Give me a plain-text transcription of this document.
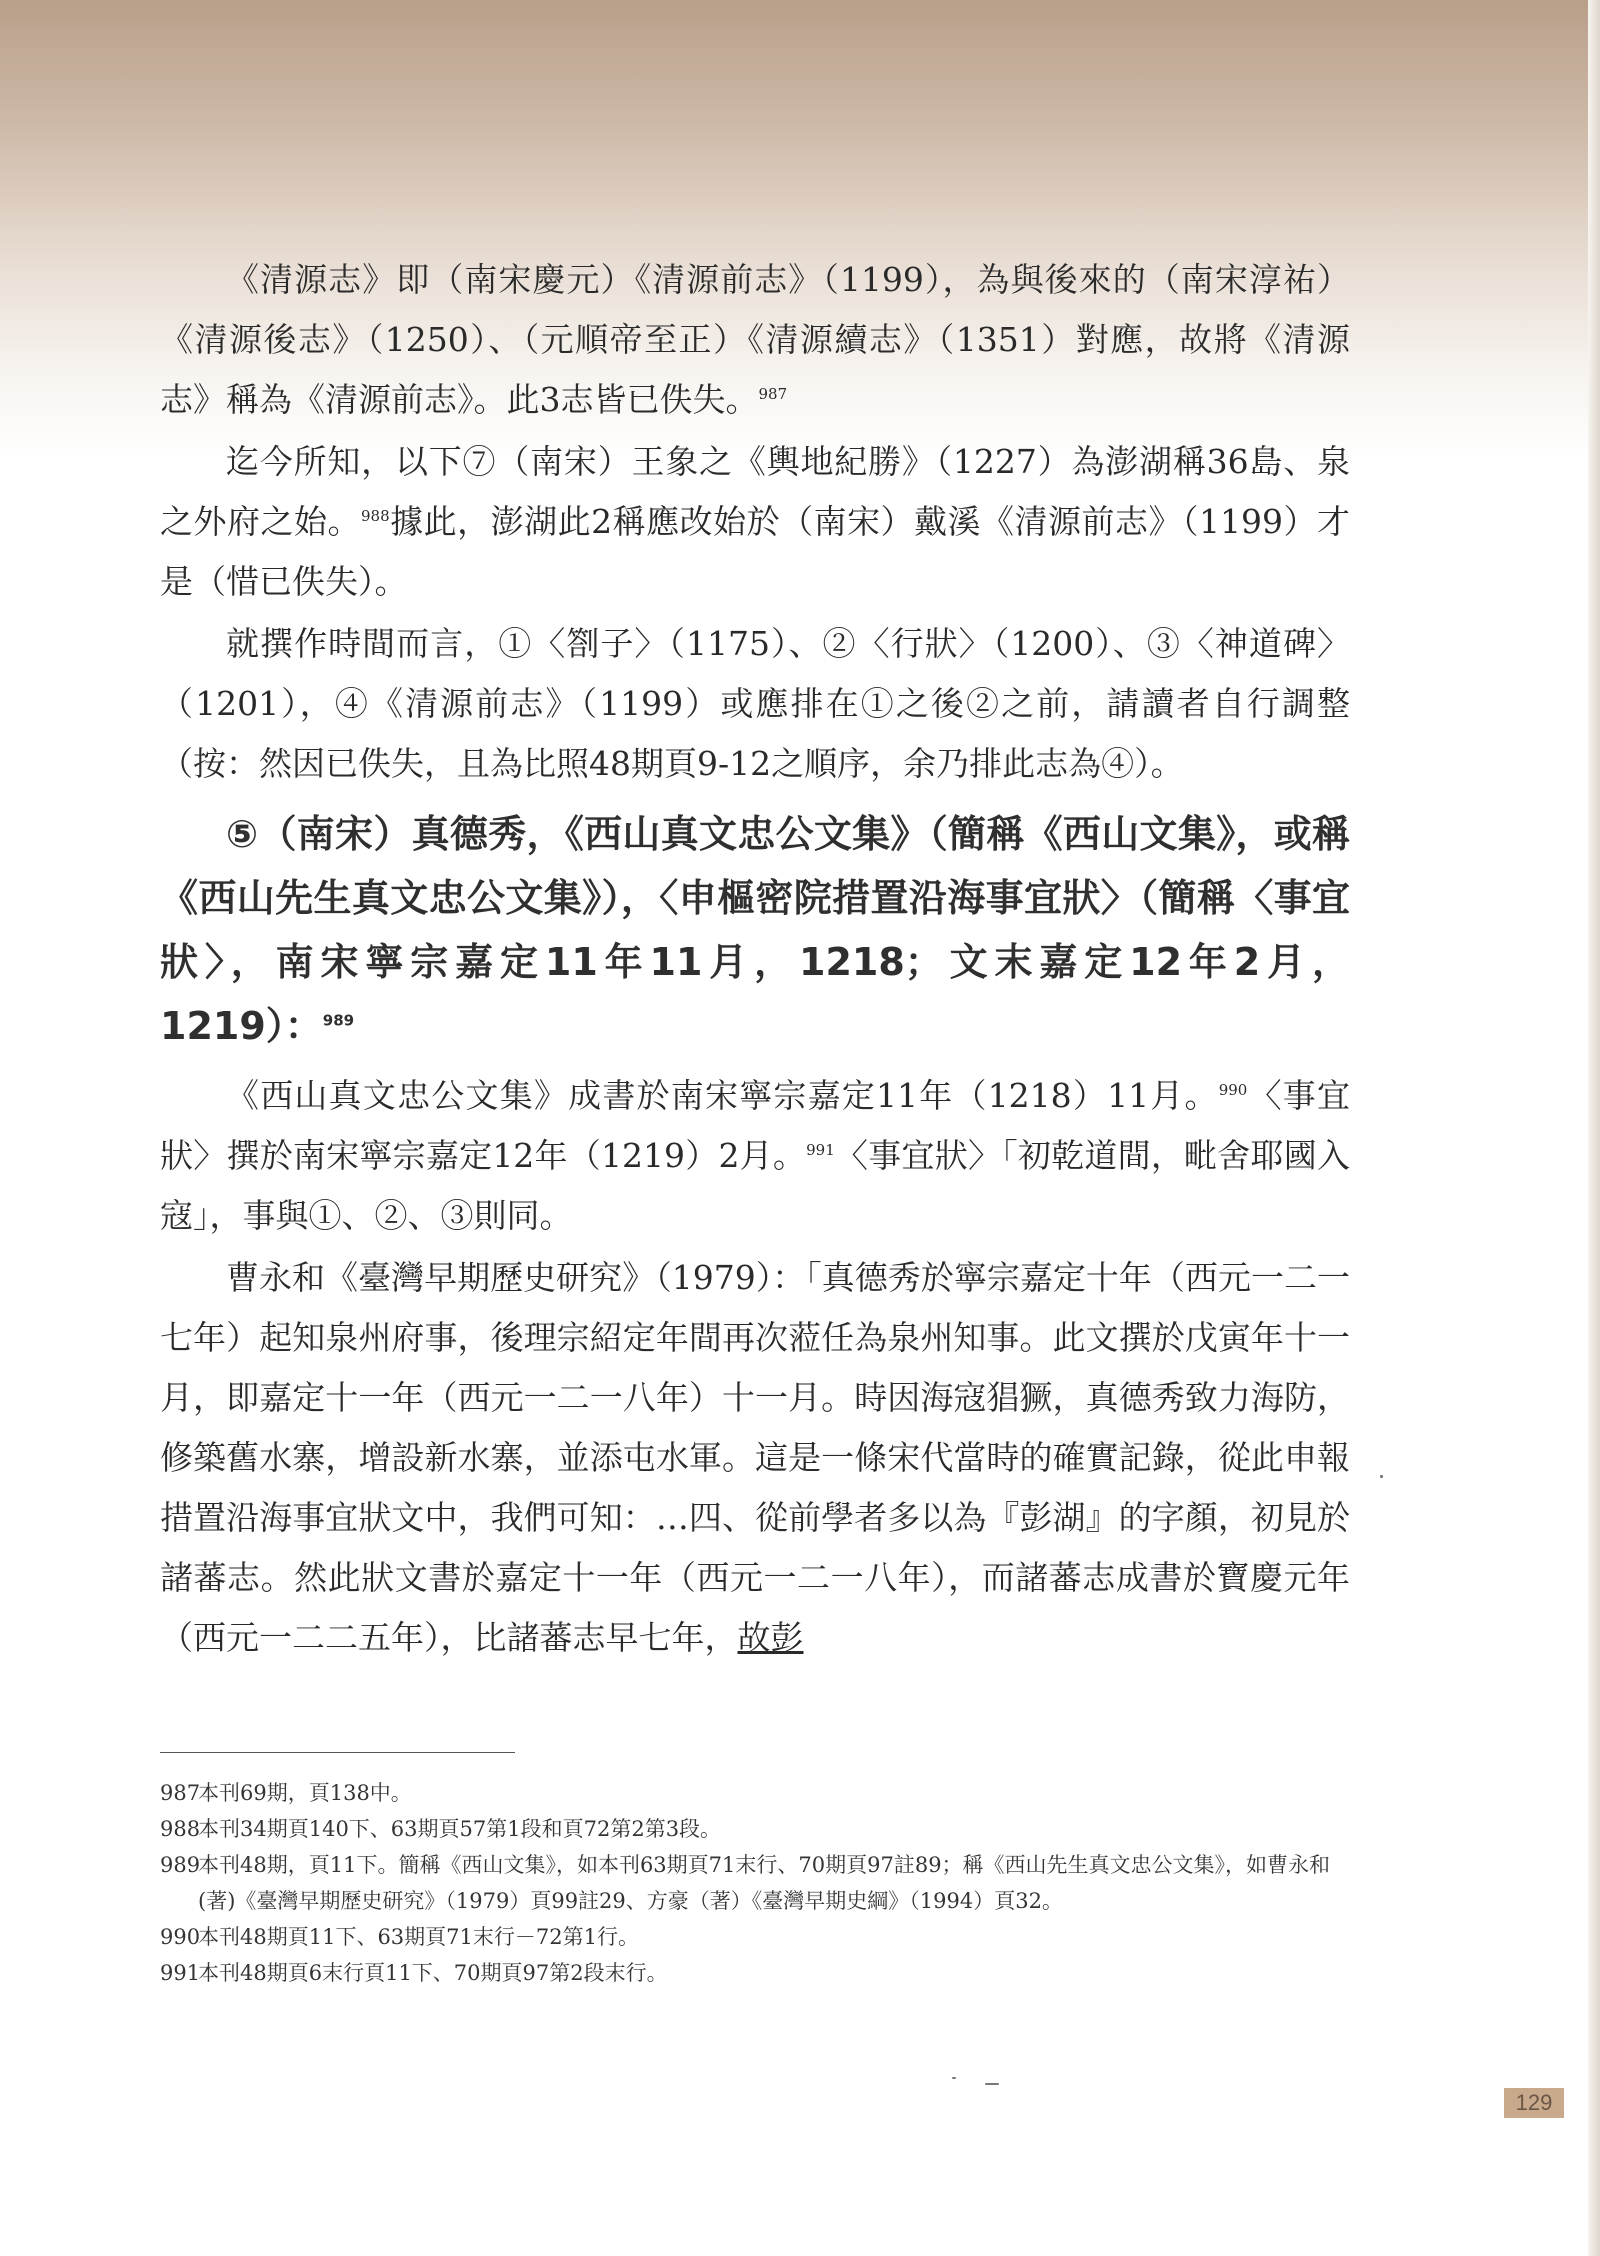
《清源志》即（南宋慶元）《清源前志》（1199），為與後來的（南宋淳祐）《清源後志》（1250）、（元順帝至正）《清源續志》（1351）對應，故將《清源志》稱為《清源前志》。此3志皆已佚失。$^{987}$

迄今所知，以下⑦（南宋）王象之《輿地紀勝》（1227）為澎湖稱36島、泉之外府之始。$^{988}$據此，澎湖此2稱應改始於（南宋）戴溪《清源前志》（1199）才是（惜已佚失）。

就撰作時間而言，①〈劄子〉（1175）、②〈行狀〉（1200）、③〈神道碑〉（1201），④《清源前志》（1199）或應排在①之後②之前，請讀者自行調整（按：然因已佚失，且為比照48期頁9-12之順序，余乃排此志為④）。

⑤（南宋）真德秀，《西山真文忠公文集》（簡稱《西山文集》，或稱《西山先生真文忠公文集》），〈申樞密院措置沿海事宜狀〉（簡稱〈事宜狀〉，南宋寧宗嘉定11年11月，1218；文末嘉定12年2月，1219）：$^{989}$

《西山真文忠公文集》成書於南宋寧宗嘉定11年（1218）11月。$^{990}$〈事宜狀〉撰於南宋寧宗嘉定12年（1219）2月。$^{991}$〈事宜狀〉「初乾道間，毗舍耶國入寇」，事與①、②、③則同。

曹永和《臺灣早期歷史研究》（1979）：「真德秀於寧宗嘉定十年（西元一二一七年）起知泉州府事，後理宗紹定年間再次蒞任為泉州知事。此文撰於戊寅年十一月，即嘉定十一年（西元一二一八年）十一月。時因海寇猖獗，真德秀致力海防，修築舊水寨，增設新水寨，並添屯水軍。這是一條宋代當時的確實記錄，從此申報措置沿海事宜狀文中，我們可知：…四、從前學者多以為『彭湖』的字顏，初見於諸蕃志。然此狀文書於嘉定十一年（西元一二一八年），而諸蕃志成書於寶慶元年（西元一二二五年），比諸蕃志早七年，故彭

987本刊69期，頁138中。

988本刊34期頁140下、63期頁57第1段和頁72第2第3段。

989本刊48期，頁11下。簡稱《西山文集》，如本刊63期頁71末行、70期頁97註89；稱《西山先生真文忠公文集》，如曹永和(著)《臺灣早期歷史研究》（1979）頁99註29、方豪（著）《臺灣早期史綱》（1994）頁32。

990本刊48期頁11下、63期頁71末行－72第1行。

991本刊48期頁6末行頁11下、70期頁97第2段末行。

129
